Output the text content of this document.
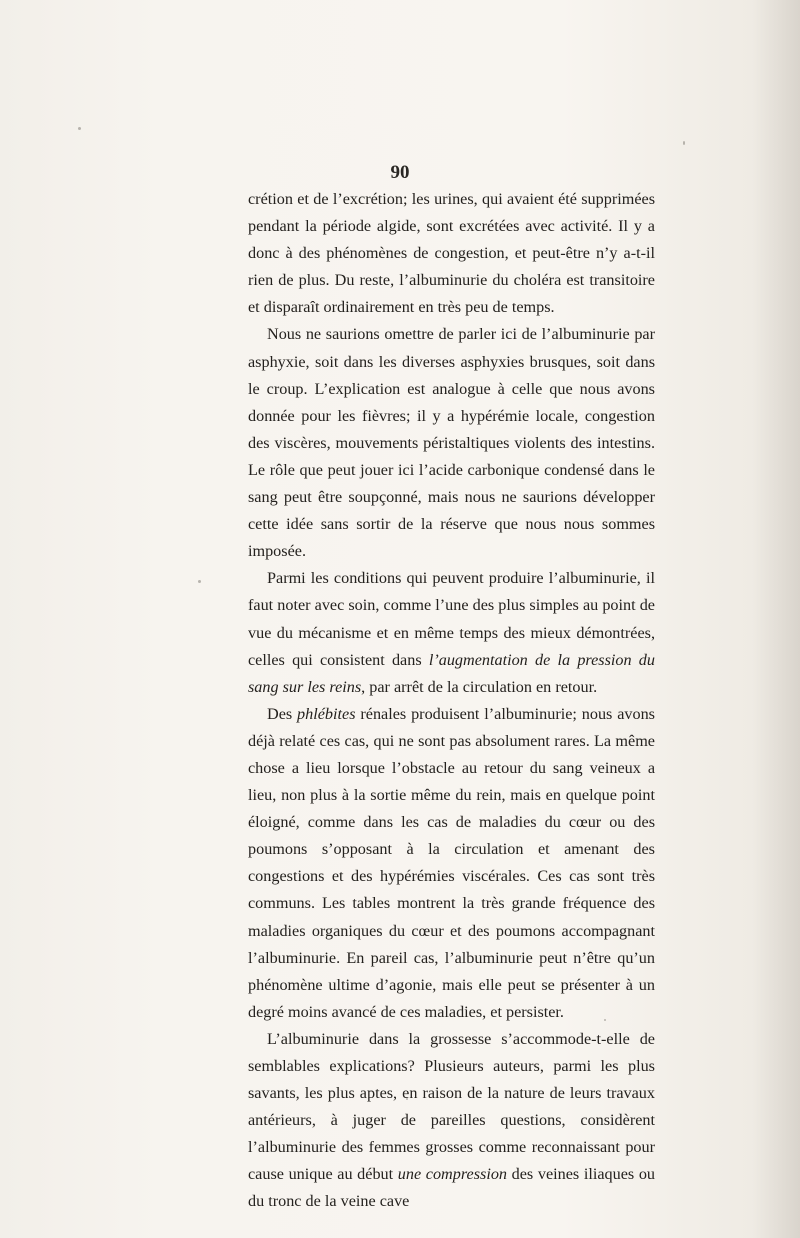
90

crétion et de l’excrétion; les urines, qui avaient été supprimées pendant la période algide, sont excrétées avec activité. Il y a donc à des phénomènes de congestion, et peut-être n’y a-t-il rien de plus. Du reste, l’albuminurie du choléra est transitoire et disparaît ordinairement en très peu de temps.

Nous ne saurions omettre de parler ici de l’albuminurie par asphyxie, soit dans les diverses asphyxies brusques, soit dans le croup. L’explication est analogue à celle que nous avons donnée pour les fièvres; il y a hypérémie locale, congestion des viscères, mouvements péristaltiques violents des intestins. Le rôle que peut jouer ici l’acide carbonique condensé dans le sang peut être soupçonné, mais nous ne saurions développer cette idée sans sortir de la réserve que nous nous sommes imposée.

Parmi les conditions qui peuvent produire l’albuminurie, il faut noter avec soin, comme l’une des plus simples au point de vue du mécanisme et en même temps des mieux démontrées, celles qui consistent dans l’augmentation de la pression du sang sur les reins, par arrêt de la circulation en retour.

Des phlébites rénales produisent l’albuminurie; nous avons déjà relaté ces cas, qui ne sont pas absolument rares. La même chose a lieu lorsque l’obstacle au retour du sang veineux a lieu, non plus à la sortie même du rein, mais en quelque point éloigné, comme dans les cas de maladies du cœur ou des poumons s’opposant à la circulation et amenant des congestions et des hypérémies viscérales. Ces cas sont très communs. Les tables montrent la très grande fréquence des maladies organiques du cœur et des poumons accompagnant l’albuminurie. En pareil cas, l’albuminurie peut n’être qu’un phénomène ultime d’agonie, mais elle peut se présenter à un degré moins avancé de ces maladies, et persister.

L’albuminurie dans la grossesse s’accommode-t-elle de semblables explications? Plusieurs auteurs, parmi les plus savants, les plus aptes, en raison de la nature de leurs travaux antérieurs, à juger de pareilles questions, considèrent l’albuminurie des femmes grosses comme reconnaissant pour cause unique au début une compression des veines iliaques ou du tronc de la veine cave
